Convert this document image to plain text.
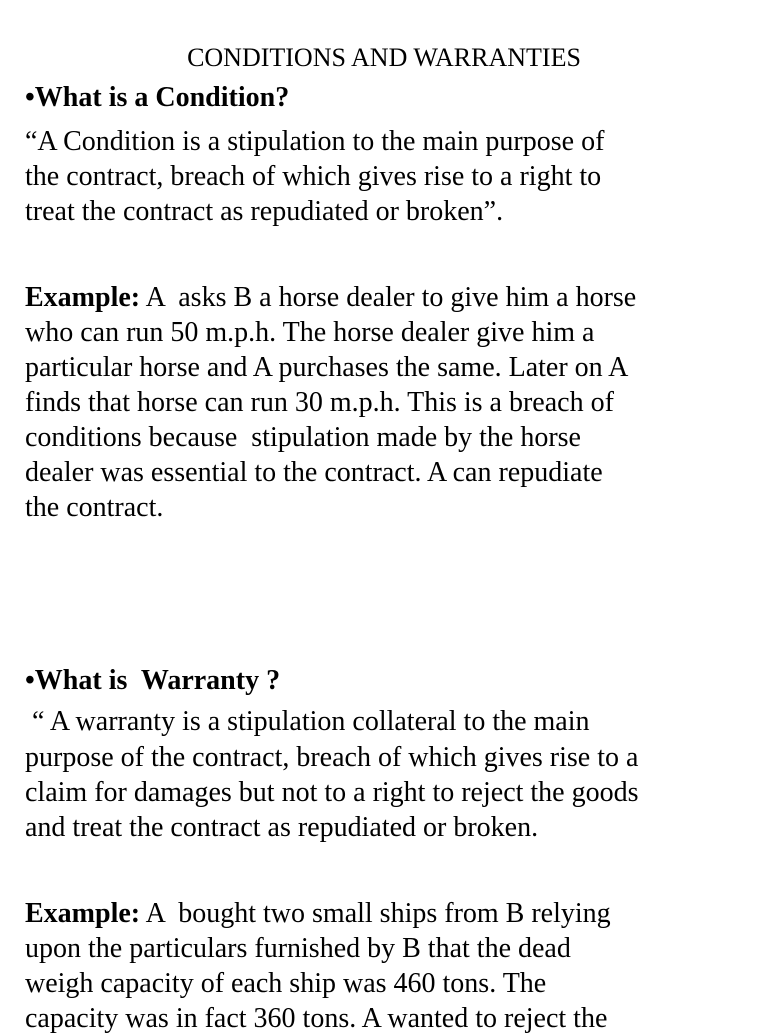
CONDITIONS AND WARRANTIES
•What is a Condition?
“A Condition is a stipulation to the main purpose of
the contract, breach of which gives rise to a right to
treat the contract as repudiated or broken”.
Example: A  asks B a horse dealer to give him a horse
who can run 50 m.p.h. The horse dealer give him a
particular horse and A purchases the same. Later on A
finds that horse can run 30 m.p.h. This is a breach of
conditions because  stipulation made by the horse
dealer was essential to the contract. A can repudiate
the contract.
•What is  Warranty ?
“ A warranty is a stipulation collateral to the main
purpose of the contract, breach of which gives rise to a
claim for damages but not to a right to reject the goods
and treat the contract as repudiated or broken.
Example: A  bought two small ships from B relying
upon the particulars furnished by B that the dead
weigh capacity of each ship was 460 tons. The
capacity was in fact 360 tons. A wanted to reject the
